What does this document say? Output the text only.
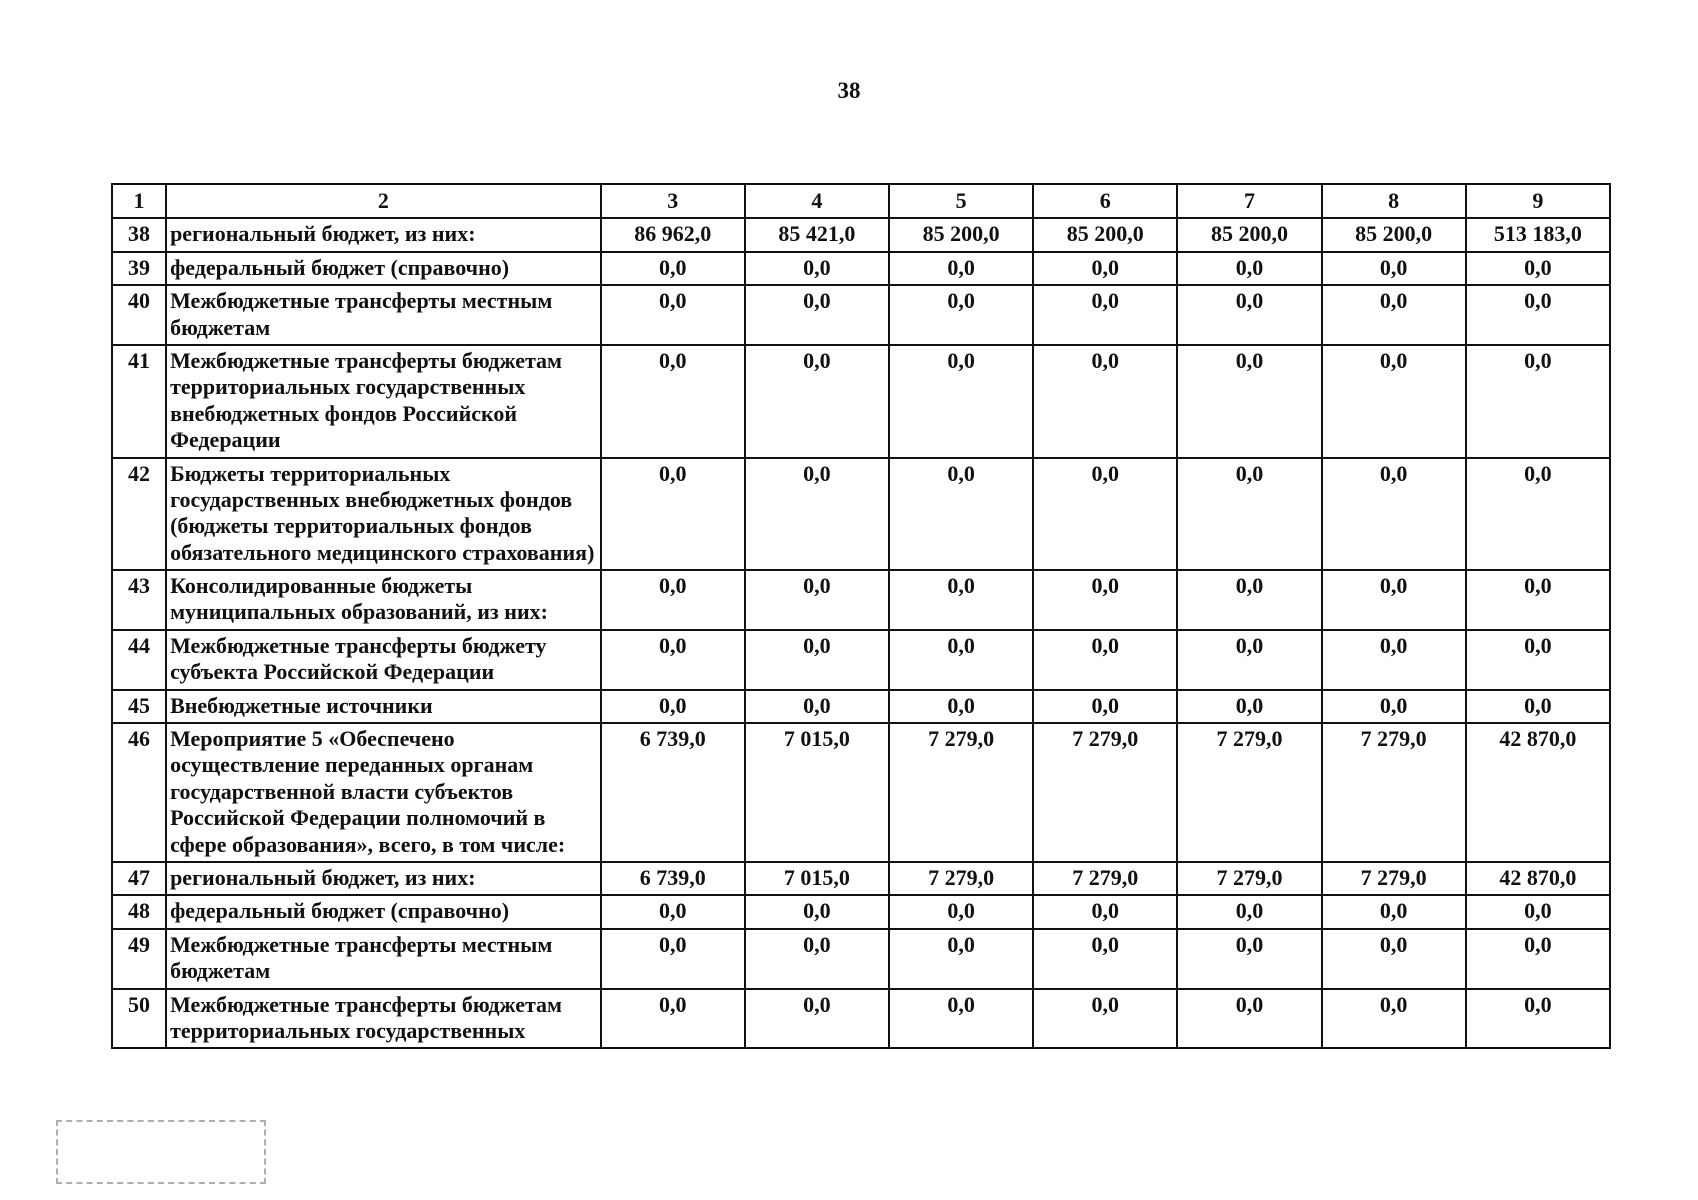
38
1	2	3	4	5	6	7	8	9
38	региональный бюджет, из них:	86 962,0	85 421,0	85 200,0	85 200,0	85 200,0	85 200,0	513 183,0
39	федеральный бюджет (справочно)	0,0	0,0	0,0	0,0	0,0	0,0	0,0
40	Межбюджетные трансферты местным бюджетам	0,0	0,0	0,0	0,0	0,0	0,0	0,0
41	Межбюджетные трансферты бюджетам территориальных государственных внебюджетных фондов Российской Федерации	0,0	0,0	0,0	0,0	0,0	0,0	0,0
42	Бюджеты территориальных государственных внебюджетных фондов (бюджеты территориальных фондов обязательного медицинского страхования)	0,0	0,0	0,0	0,0	0,0	0,0	0,0
43	Консолидированные бюджеты муниципальных образований, из них:	0,0	0,0	0,0	0,0	0,0	0,0	0,0
44	Межбюджетные трансферты бюджету субъекта Российской Федерации	0,0	0,0	0,0	0,0	0,0	0,0	0,0
45	Внебюджетные источники	0,0	0,0	0,0	0,0	0,0	0,0	0,0
46	Мероприятие 5 «Обеспечено осуществление переданных органам государственной власти субъектов Российской Федерации полномочий в сфере образования», всего, в том числе:	6 739,0	7 015,0	7 279,0	7 279,0	7 279,0	7 279,0	42 870,0
47	региональный бюджет, из них:	6 739,0	7 015,0	7 279,0	7 279,0	7 279,0	7 279,0	42 870,0
48	федеральный бюджет (справочно)	0,0	0,0	0,0	0,0	0,0	0,0	0,0
49	Межбюджетные трансферты местным бюджетам	0,0	0,0	0,0	0,0	0,0	0,0	0,0
50	Межбюджетные трансферты бюджетам территориальных государственных	0,0	0,0	0,0	0,0	0,0	0,0	0,0
